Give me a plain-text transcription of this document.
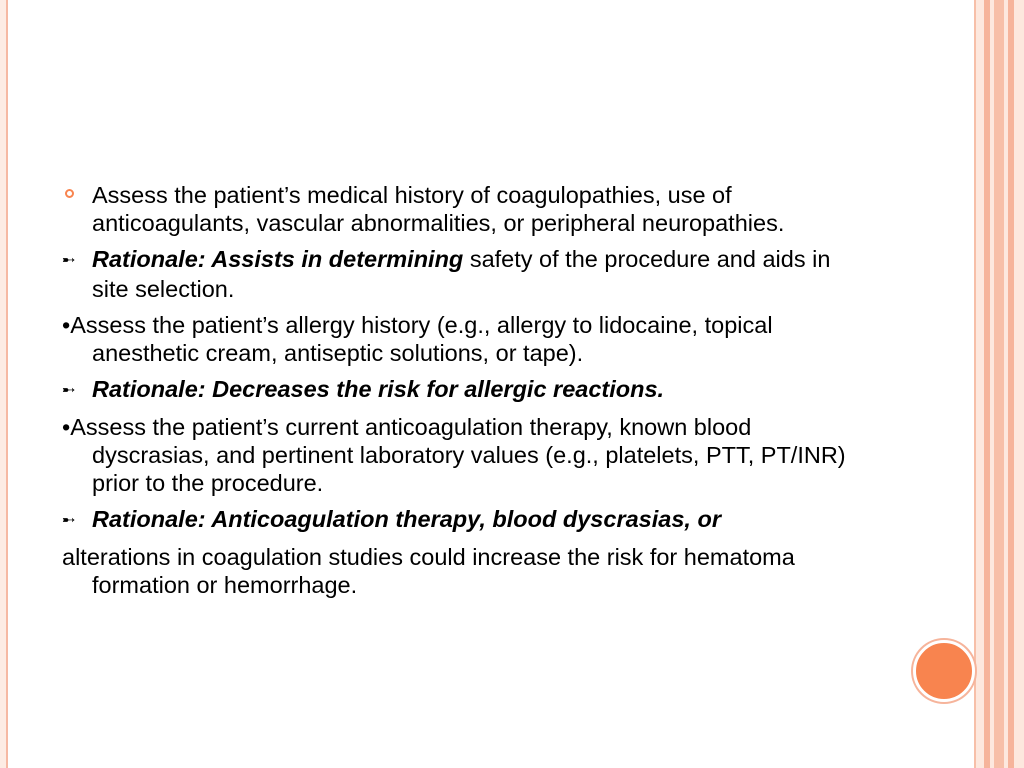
Assess the patient’s medical history of coagulopathies, use of anticoagulants, vascular abnormalities, or peripheral neuropathies.

➸ Rationale: Assists in determining safety of the procedure and aids in site selection.

•Assess the patient’s allergy history (e.g., allergy to lidocaine, topical anesthetic cream, antiseptic solutions, or tape).

➸ Rationale: Decreases the risk for allergic reactions.

•Assess the patient’s current anticoagulation therapy, known blood dyscrasias, and pertinent laboratory values (e.g., platelets, PTT, PT/INR) prior to the procedure.

➸ Rationale: Anticoagulation therapy, blood dyscrasias, or

alterations in coagulation studies could increase the risk for hematoma formation or hemorrhage.
